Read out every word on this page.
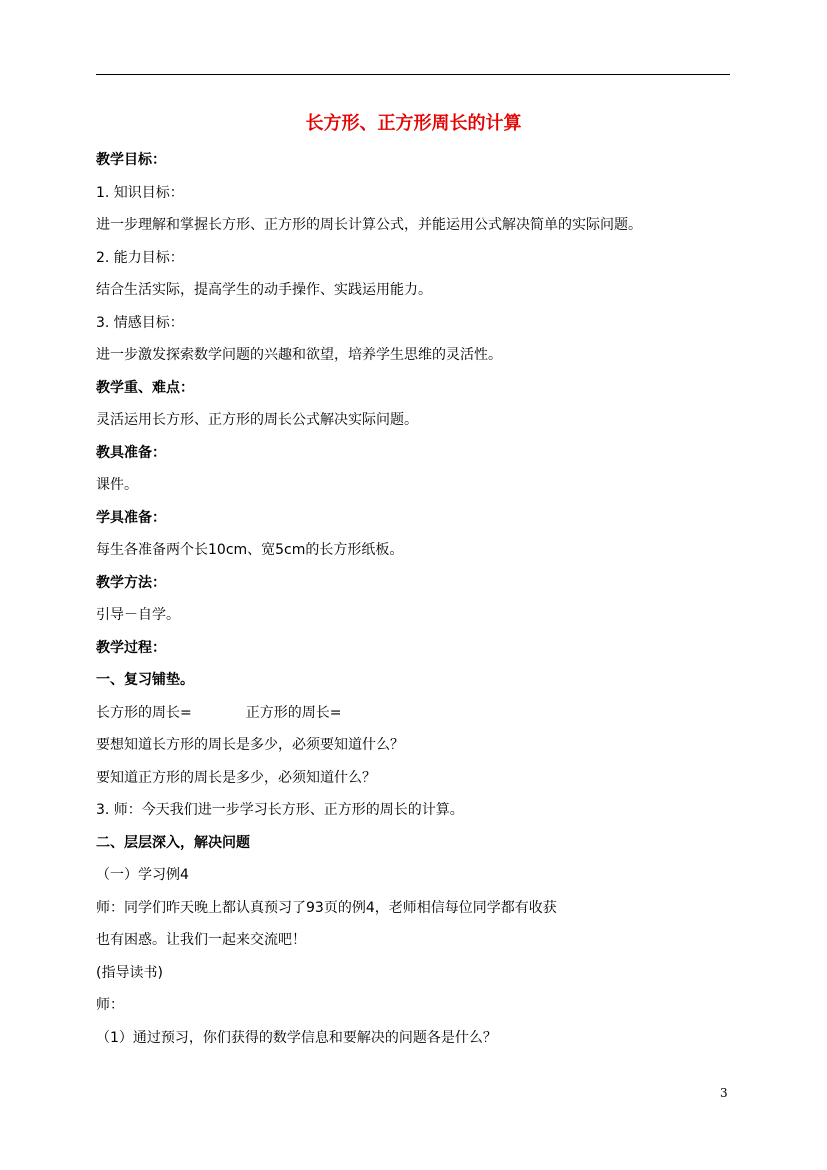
长方形、正方形周长的计算
教学目标：
1. 知识目标：
进一步理解和掌握长方形、正方形的周长计算公式，并能运用公式解决简单的实际问题。
2. 能力目标：
结合生活实际，提高学生的动手操作、实践运用能力。
3. 情感目标：
进一步激发探索数学问题的兴趣和欲望，培养学生思维的灵活性。
教学重、难点：
灵活运用长方形、正方形的周长公式解决实际问题。
教具准备：
课件。
学具准备：
每生各准备两个长10cm、宽5cm的长方形纸板。
教学方法：
引导－自学。
教学过程：
一、复习铺垫。
长方形的周长=	正方形的周长=
要想知道长方形的周长是多少，必须要知道什么？
要知道正方形的周长是多少，必须知道什么？
3. 师：今天我们进一步学习长方形、正方形的周长的计算。
二、层层深入，解决问题
（一）学习例4
师：同学们昨天晚上都认真预习了93页的例4，老师相信每位同学都有收获
也有困惑。让我们一起来交流吧！
(指导读书)
师：
（1）通过预习，你们获得的数学信息和要解决的问题各是什么？
3
